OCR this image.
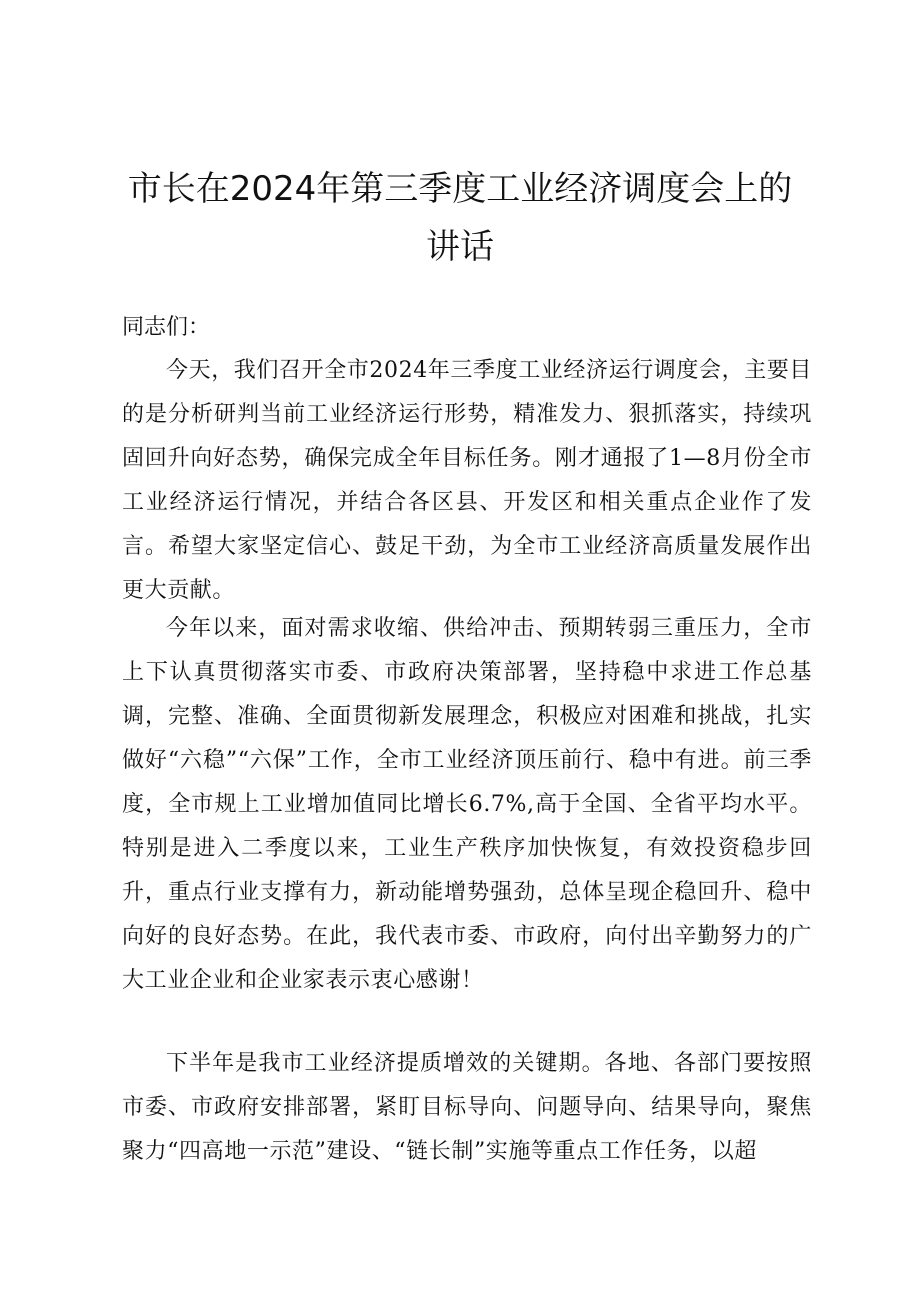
市长在2024年第三季度工业经济调度会上的
讲话

同志们：

今天，我们召开全市2024年三季度工业经济运行调度会，主要目的是分析研判当前工业经济运行形势，精准发力、狠抓落实，持续巩固回升向好态势，确保完成全年目标任务。刚才通报了1—8月份全市工业经济运行情况，并结合各区县、开发区和相关重点企业作了发言。希望大家坚定信心、鼓足干劲，为全市工业经济高质量发展作出更大贡献。

今年以来，面对需求收缩、供给冲击、预期转弱三重压力，全市上下认真贯彻落实市委、市政府决策部署，坚持稳中求进工作总基调，完整、准确、全面贯彻新发展理念，积极应对困难和挑战，扎实做好“六稳”“六保”工作，全市工业经济顶压前行、稳中有进。前三季度，全市规上工业增加值同比增长6.7%,高于全国、全省平均水平。特别是进入二季度以来，工业生产秩序加快恢复，有效投资稳步回升，重点行业支撑有力，新动能增势强劲，总体呈现企稳回升、稳中向好的良好态势。在此，我代表市委、市政府，向付出辛勤努力的广大工业企业和企业家表示衷心感谢！

下半年是我市工业经济提质增效的关键期。各地、各部门要按照市委、市政府安排部署，紧盯目标导向、问题导向、结果导向，聚焦聚力“四高地一示范”建设、“链长制”实施等重点工作任务，以超
